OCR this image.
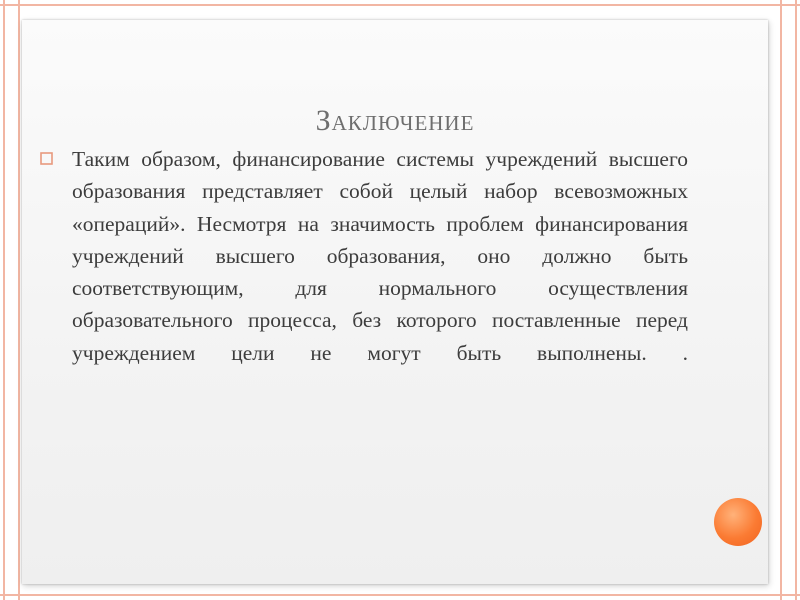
Заключение

Таким образом, финансирование системы учреждений высшего образования представляет собой целый набор всевозможных «операций». Несмотря на значимость проблем финансирования учреждений высшего образования, оно должно быть соответствующим, для нормального осуществления образовательного процесса, без которого поставленные перед учреждением цели не могут быть выполнены. .
